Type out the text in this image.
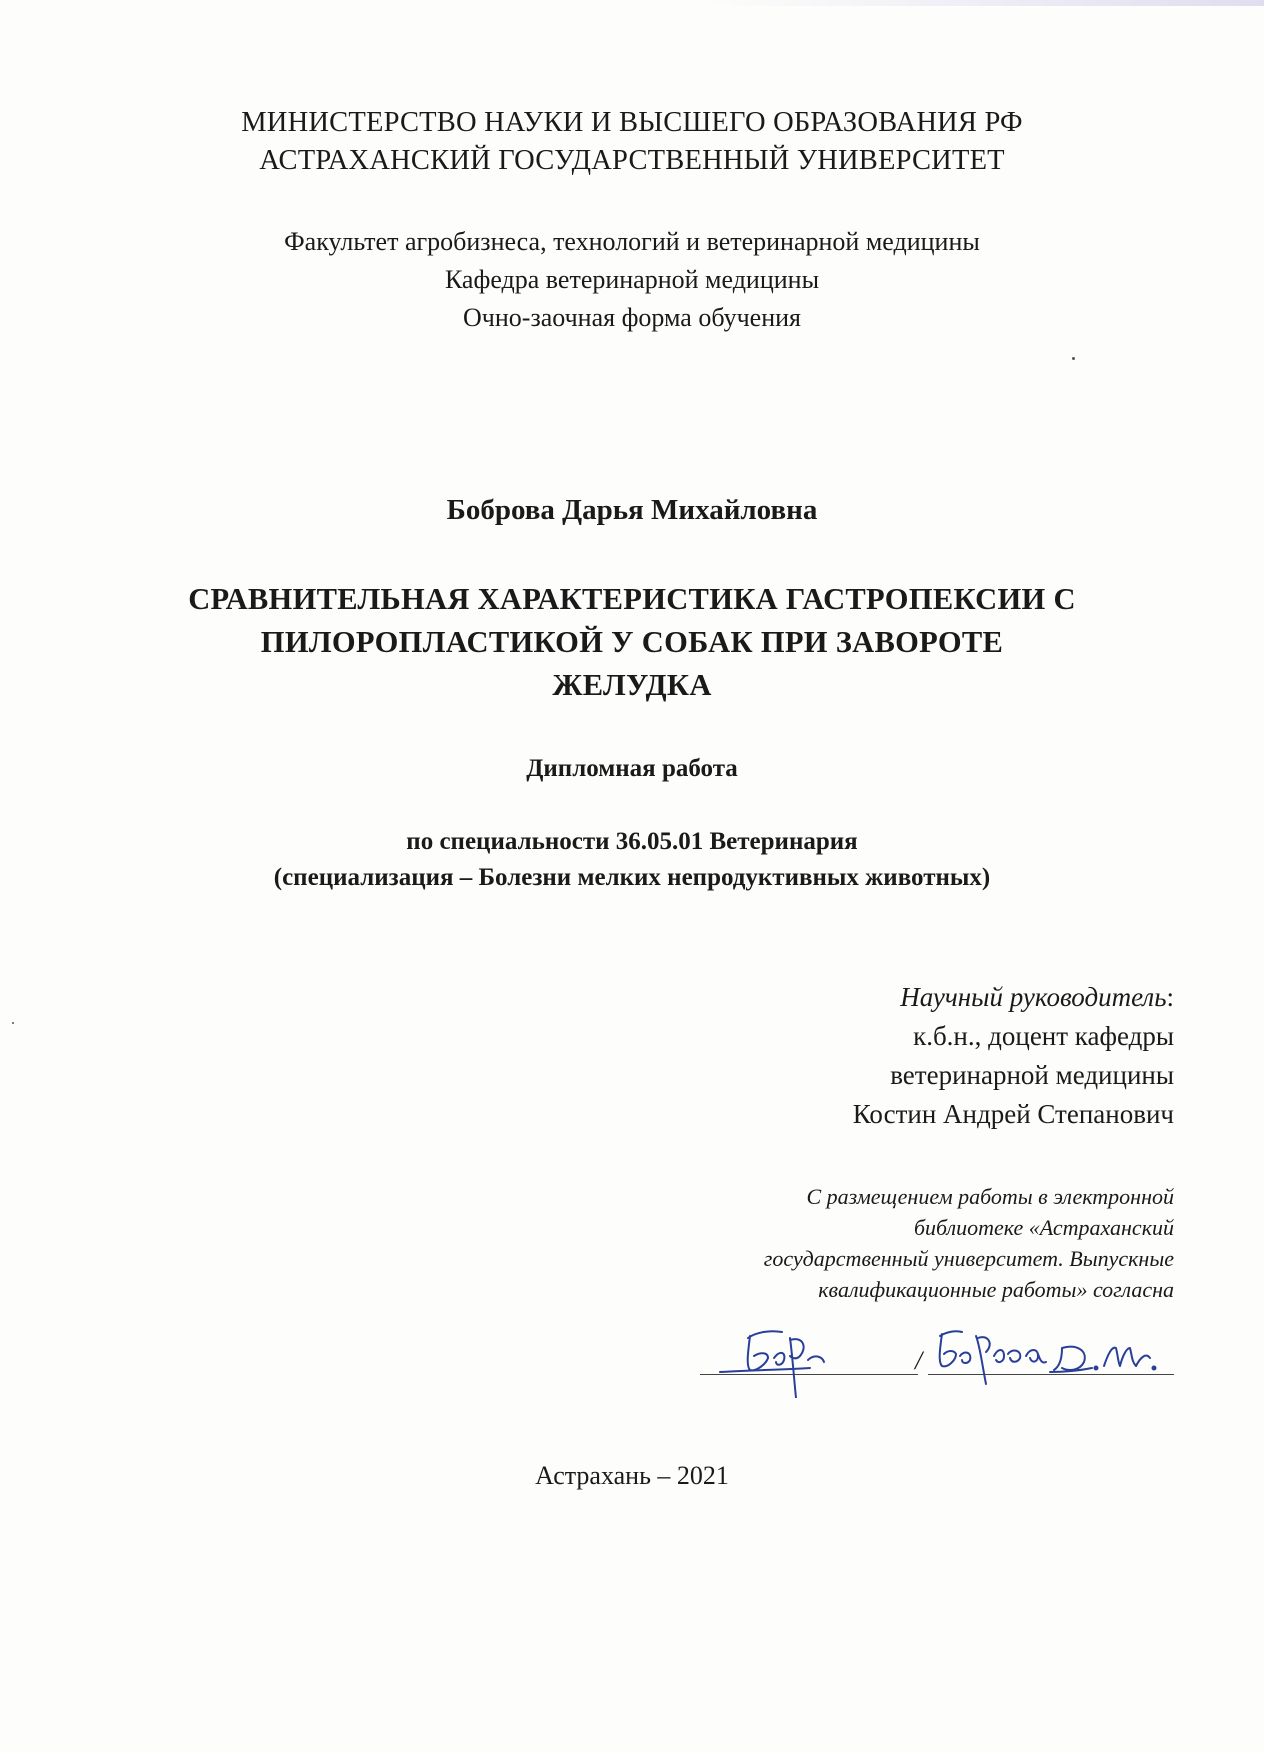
МИНИСТЕРСТВО НАУКИ И ВЫСШЕГО ОБРАЗОВАНИЯ РФ
АСТРАХАНСКИЙ ГОСУДАРСТВЕННЫЙ УНИВЕРСИТЕТ
Факультет агробизнеса, технологий и ветеринарной медицины
Кафедра ветеринарной медицины
Очно-заочная форма обучения
Боброва Дарья Михайловна
СРАВНИТЕЛЬНАЯ ХАРАКТЕРИСТИКА ГАСТРОПЕКСИИ С
ПИЛОРОПЛАСТИКОЙ У СОБАК ПРИ ЗАВОРОТЕ
ЖЕЛУДКА
Дипломная работа
по специальности 36.05.01 Ветеринария
(специализация – Болезни мелких непродуктивных животных)
Научный руководитель:
к.б.н., доцент кафедры
ветеринарной медицины
Костин Андрей Степанович
С размещением работы в электронной
библиотеке «Астраханский
государственный университет. Выпускные
квалификационные работы» согласна
/
Астрахань – 2021
